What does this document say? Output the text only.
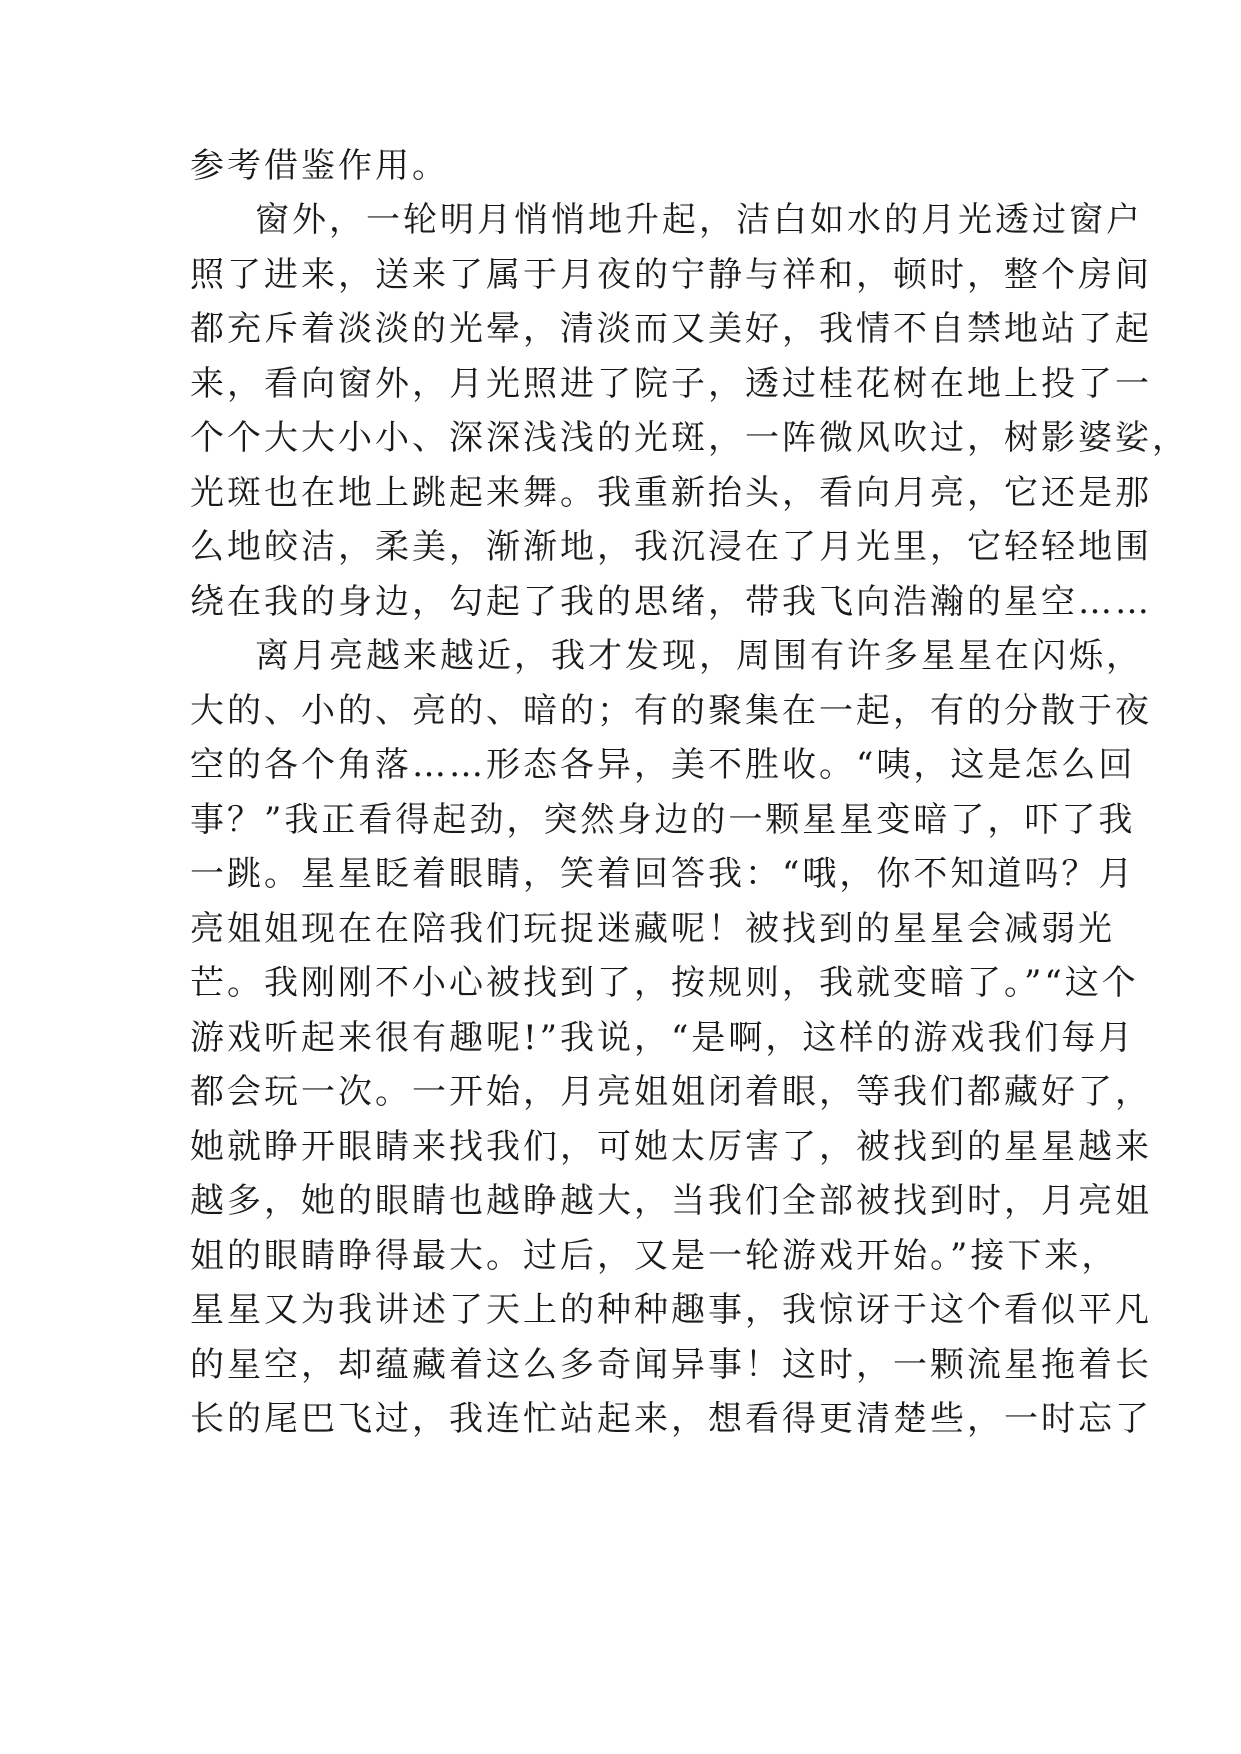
参考借鉴作用。
窗外，一轮明月悄悄地升起，洁白如水的月光透过窗户
照了进来，送来了属于月夜的宁静与祥和，顿时，整个房间
都充斥着淡淡的光晕，清淡而又美好，我情不自禁地站了起
来，看向窗外，月光照进了院子，透过桂花树在地上投了一
个个大大小小、深深浅浅的光斑，一阵微风吹过，树影婆娑，
光斑也在地上跳起来舞。我重新抬头，看向月亮，它还是那
么地皎洁，柔美，渐渐地，我沉浸在了月光里，它轻轻地围
绕在我的身边，勾起了我的思绪，带我飞向浩瀚的星空……
离月亮越来越近，我才发现，周围有许多星星在闪烁，
大的、小的、亮的、暗的；有的聚集在一起，有的分散于夜
空的各个角落……形态各异，美不胜收。“咦，这是怎么回
事？”我正看得起劲，突然身边的一颗星星变暗了，吓了我
一跳。星星眨着眼睛，笑着回答我：“哦，你不知道吗？月
亮姐姐现在在陪我们玩捉迷藏呢！被找到的星星会减弱光
芒。我刚刚不小心被找到了，按规则，我就变暗了。”“这个
游戏听起来很有趣呢!”我说，“是啊，这样的游戏我们每月
都会玩一次。一开始，月亮姐姐闭着眼，等我们都藏好了，
她就睁开眼睛来找我们，可她太厉害了，被找到的星星越来
越多，她的眼睛也越睁越大，当我们全部被找到时，月亮姐
姐的眼睛睁得最大。过后，又是一轮游戏开始。”接下来，
星星又为我讲述了天上的种种趣事，我惊讶于这个看似平凡
的星空，却蕴藏着这么多奇闻异事！这时，一颗流星拖着长
长的尾巴飞过，我连忙站起来，想看得更清楚些，一时忘了
